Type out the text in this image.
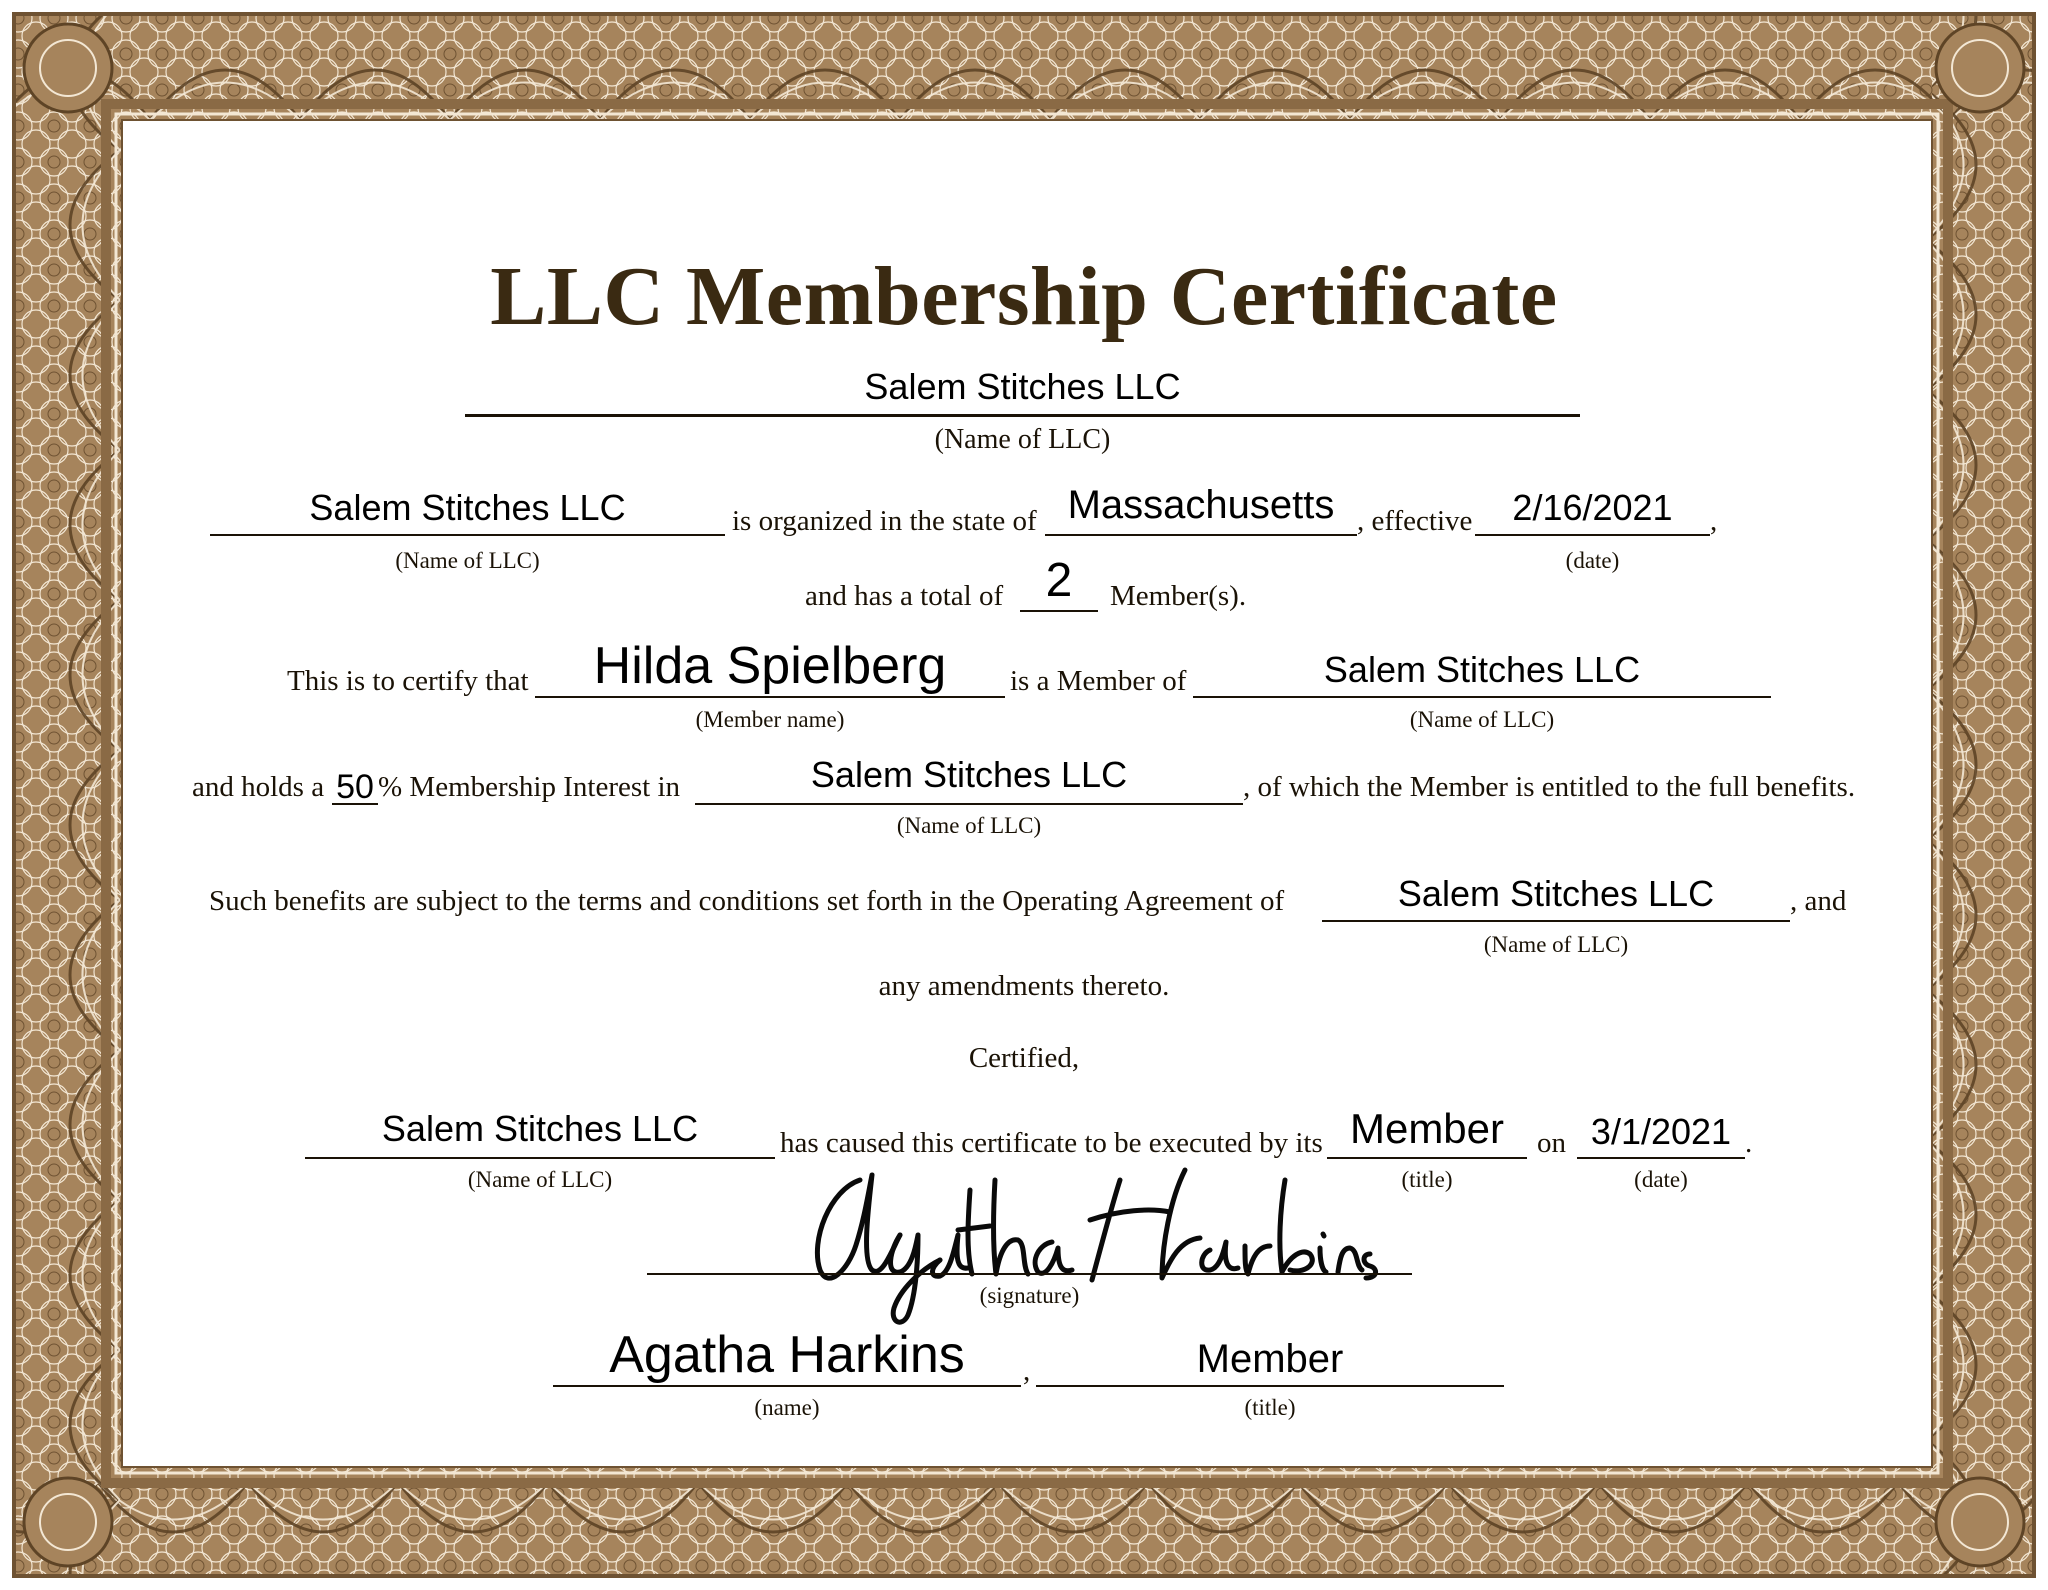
LLC Membership Certificate
Salem Stitches LLC
(Name of LLC)
Salem Stitches LLC
(Name of LLC)
is organized in the state of Massachusetts , effective	2/16/2021	,
(date)
and has a total of 2	Member(s).
This is to certify that	Hilda Spielberg
(Member name)
is a Member of	Salem Stitches LLC
(Name of LLC)
and holds a 50 % Membership Interest in	Salem Stitches LLC
(Name of LLC)
, of which the Member is entitled to the full benefits.
Such benefits are subject to the terms and conditions set forth in the Operating Agreement of	Salem Stitches LLC
(Name of LLC)
, and
any amendments thereto.
Certified,
Salem Stitches LLC
(Name of LLC)
has caused this certificate to be executed by its Member
(title)
on 3/1/2021
(date)
.
(signature)
Agatha Harkins
(name)
,	Member
(title)
